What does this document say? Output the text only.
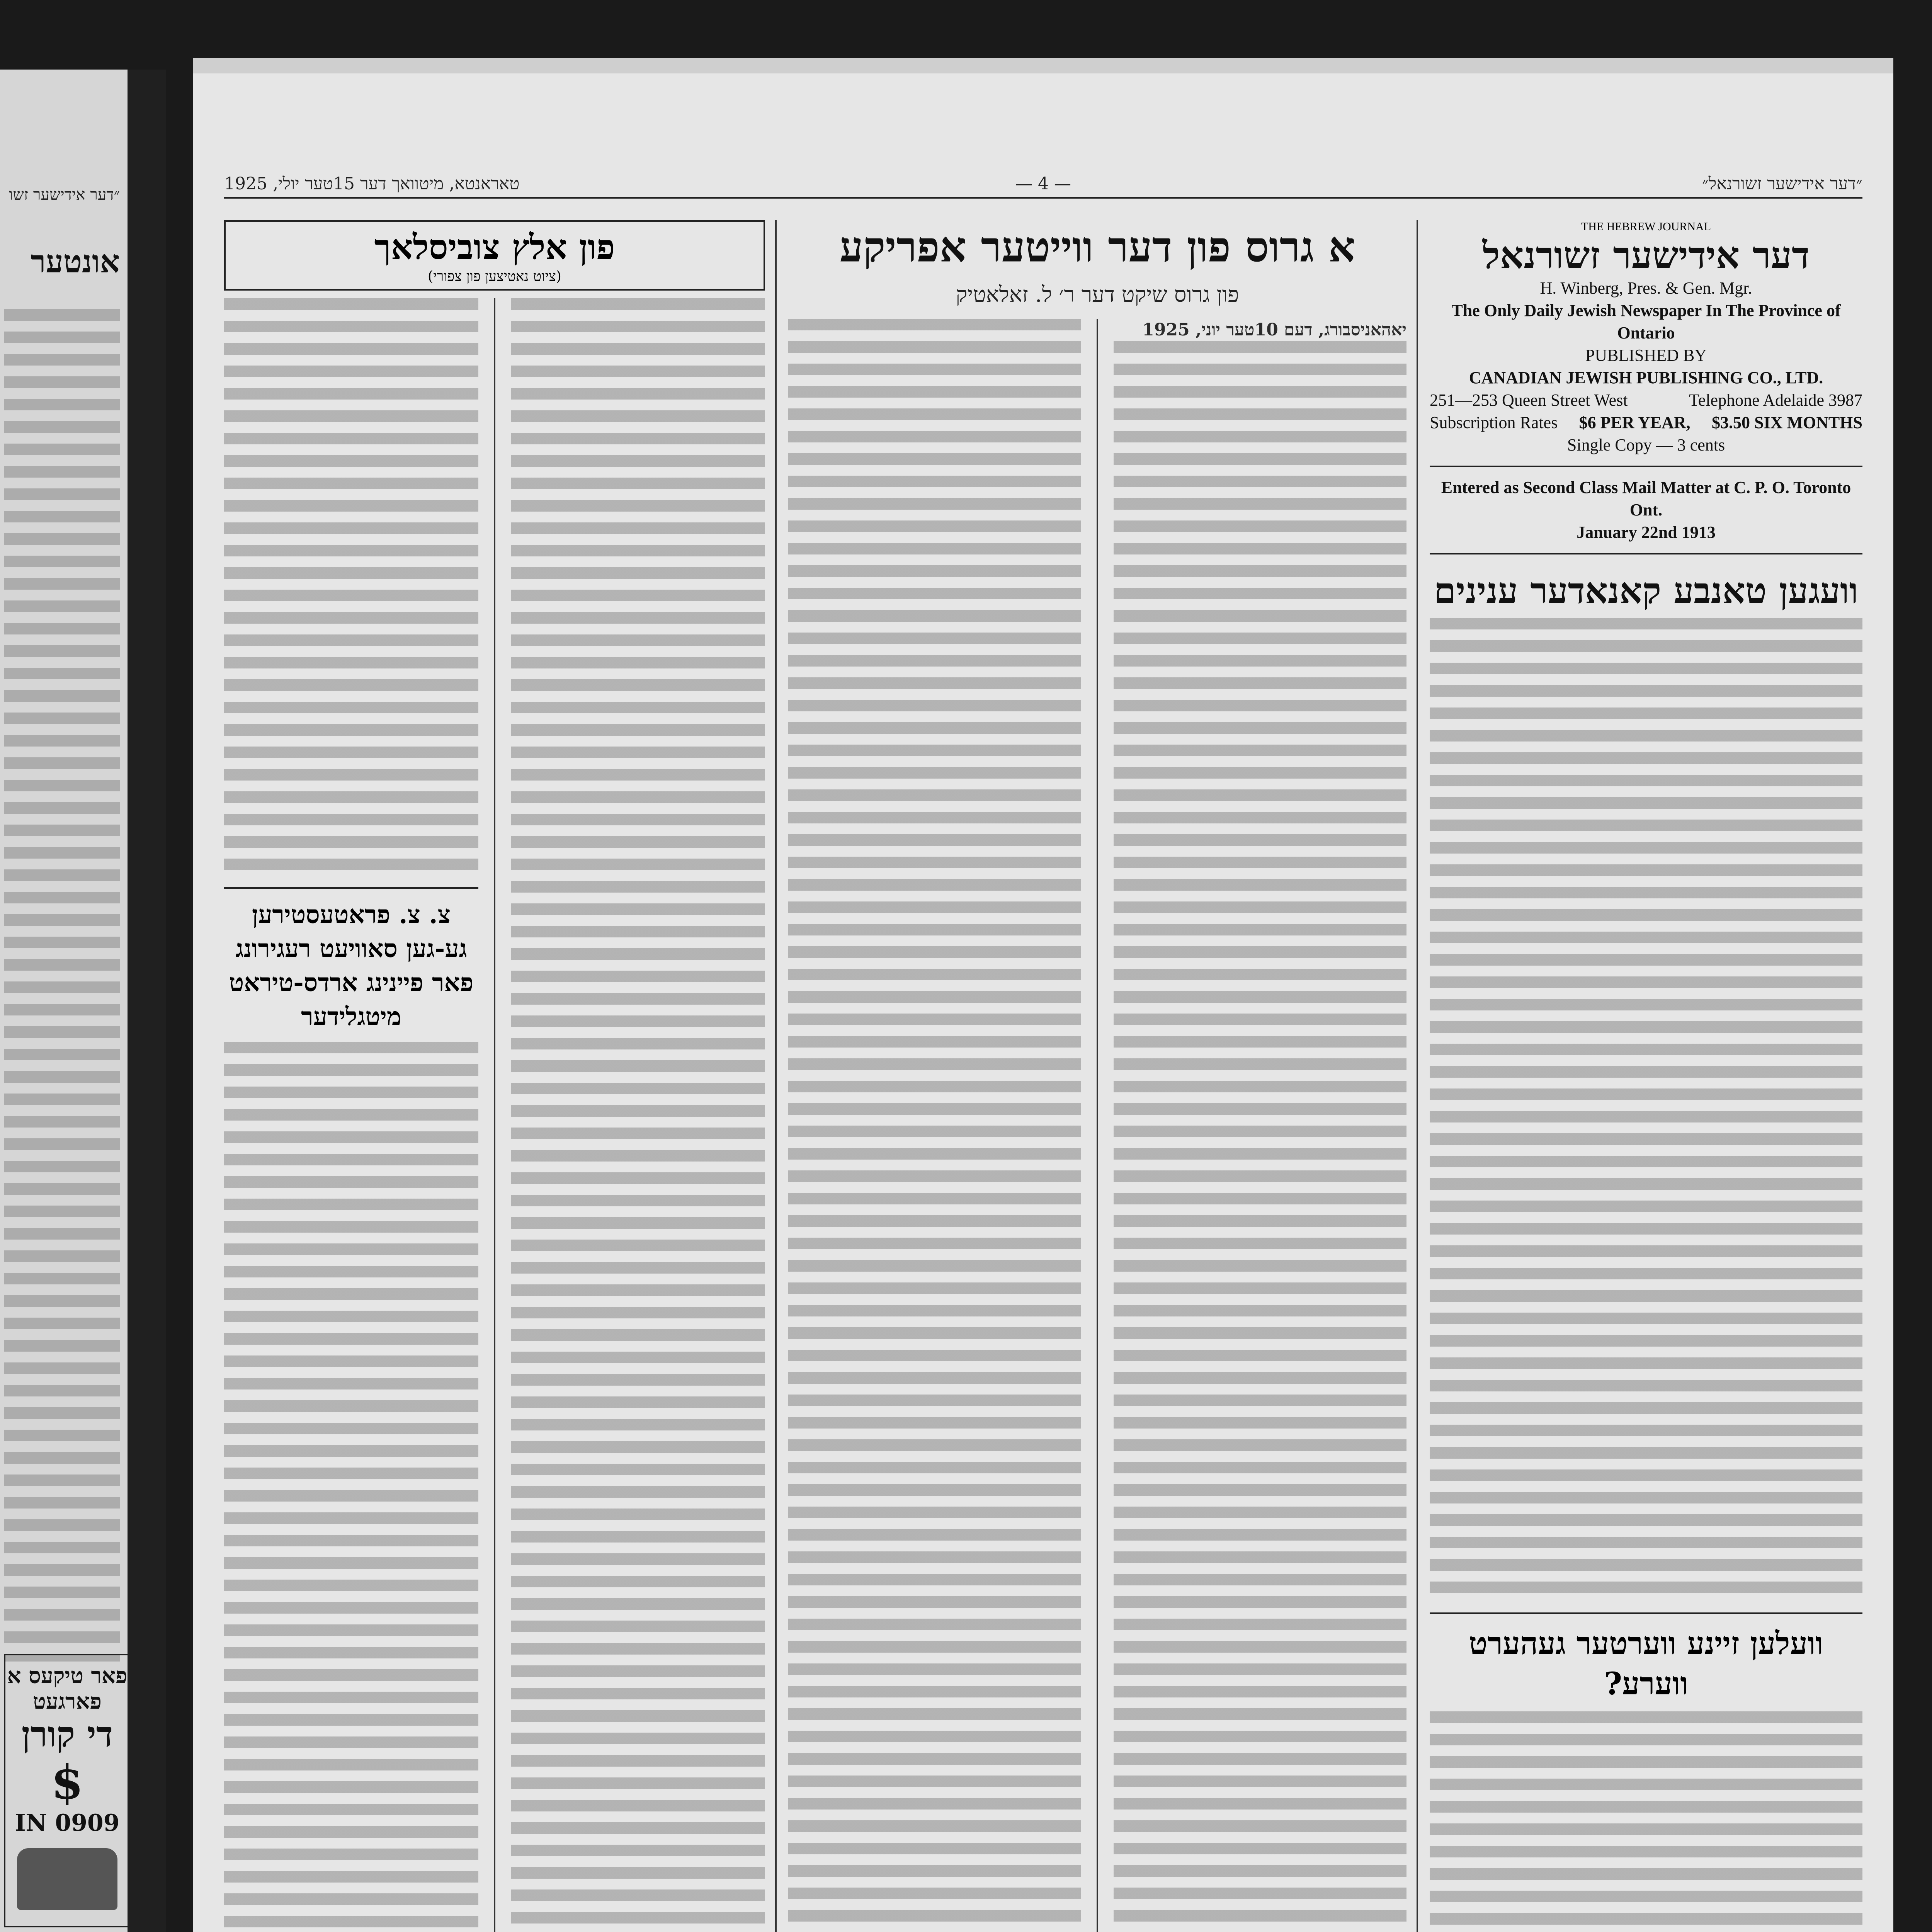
״דער אידישער זשו
אונטער
פאר טיקעס א פארגעט
די קורן
$
IN 0909
״דער אידישער זשורנאל״
— 4 —
טאראנטא, מיטוואך דער 15טער יולי, 1925
THE HEBREW JOURNAL
דער אידישער זשורנאל
H. Winberg, Pres. & Gen. Mgr.
The Only Daily Jewish Newspaper In The Province of Ontario
PUBLISHED BY
CANADIAN JEWISH PUBLISHING CO., LTD.
251—253 Queen Street West	Telephone Adelaide 3987
Subscription Rates $6 PER YEAR, $3.50 SIX MONTHS
Single Copy — 3 cents
Entered as Second Class Mail Matter at C. P. O. Toronto Ont.
January 22nd 1913
וועגען טאנבע קאנאדער ענינים
וועלען זיינע ווערטער געהערט ווערע?
א גרוס פון דער ווייטער אפריקע
פון גרוס שיקט דער ר׳ ל. זאלאטיק
יאהאניסבורג, דעם 10טער יוני, 1925
פון אלץ צוביסלאך
(ציוט נאטיצען פון צפורי)
צ. צ. פראטעסטירען גע-גען סאוויעט רעגירונג פאר פיינינג ארדס-טיראט מיטגלידער
